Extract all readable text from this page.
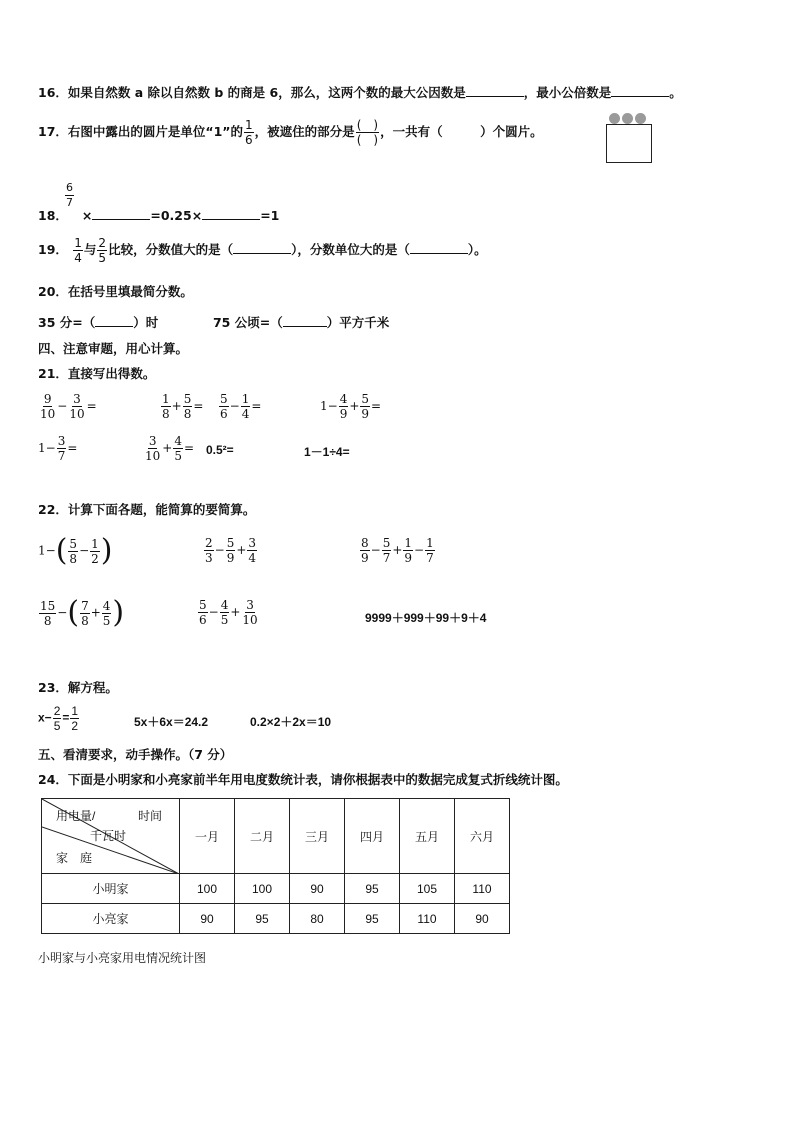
16．如果自然数 a 除以自然数 b 的商是 6，那么，这两个数的最大公因数是	，最小公倍数是	。
17．右图中露出的圆片是单位“1”的 $\frac{1}{6}$ ，被遮住的部分是 $\frac{( )}{( )}$ ，一共有（　　　）个圆片。
$\frac{6}{7}$
18． ×	=0.25×	=1
19． $\frac{1}{4}$ 与 $\frac{2}{5}$ 比较，分数值大的是（	），分数单位大的是（	）。
20．在括号里填最简分数。
35 分=（	）时	75 公顷=（	）平方千米
四、注意审题，用心计算。
21．直接写出得数。
$\frac{9}{10} - \frac{3}{10}$ =	$\frac{1}{8} + \frac{5}{8} = \frac{5}{6} - \frac{1}{4}$ =	$1- \frac{4}{9} + \frac{5}{9}$ =
$1- \frac{3}{7}$ =	$\frac{3}{10} + \frac{4}{5} = 0.5^2=$	1－1÷4=
22．计算下面各题，能简算的要简算。
$1-( \frac{5}{8} - \frac{1}{2}$ )	$\frac{2}{3} - \frac{5}{9} + \frac{3}{4}$	$\frac{8}{9} - \frac{5}{7} + \frac{1}{9} - \frac{1}{7}$
$\frac{15}{8}$ −( $\frac{7}{8} + \frac{4}{5}$ )	$\frac{5}{6} - \frac{4}{5} + \frac{3}{10}$	9999＋999＋99＋9＋4
23．解方程。
$x- \frac{2}{5} = \frac{1}{2}$	5x＋6x＝24.2	0.2×2＋2x＝10
五、看清要求，动手操作。（7 分）
24．下面是小明家和小亮家前半年用电度数统计表，请你根据表中的数据完成复式折线统计图。
用电量/ 时间
千瓦时
家　庭	一月	二月	三月	四月	五月	六月
小明家	100	100	90	95	105	110
小亮家	90	95	80	95	110	90
小明家与小亮家用电情况统计图
